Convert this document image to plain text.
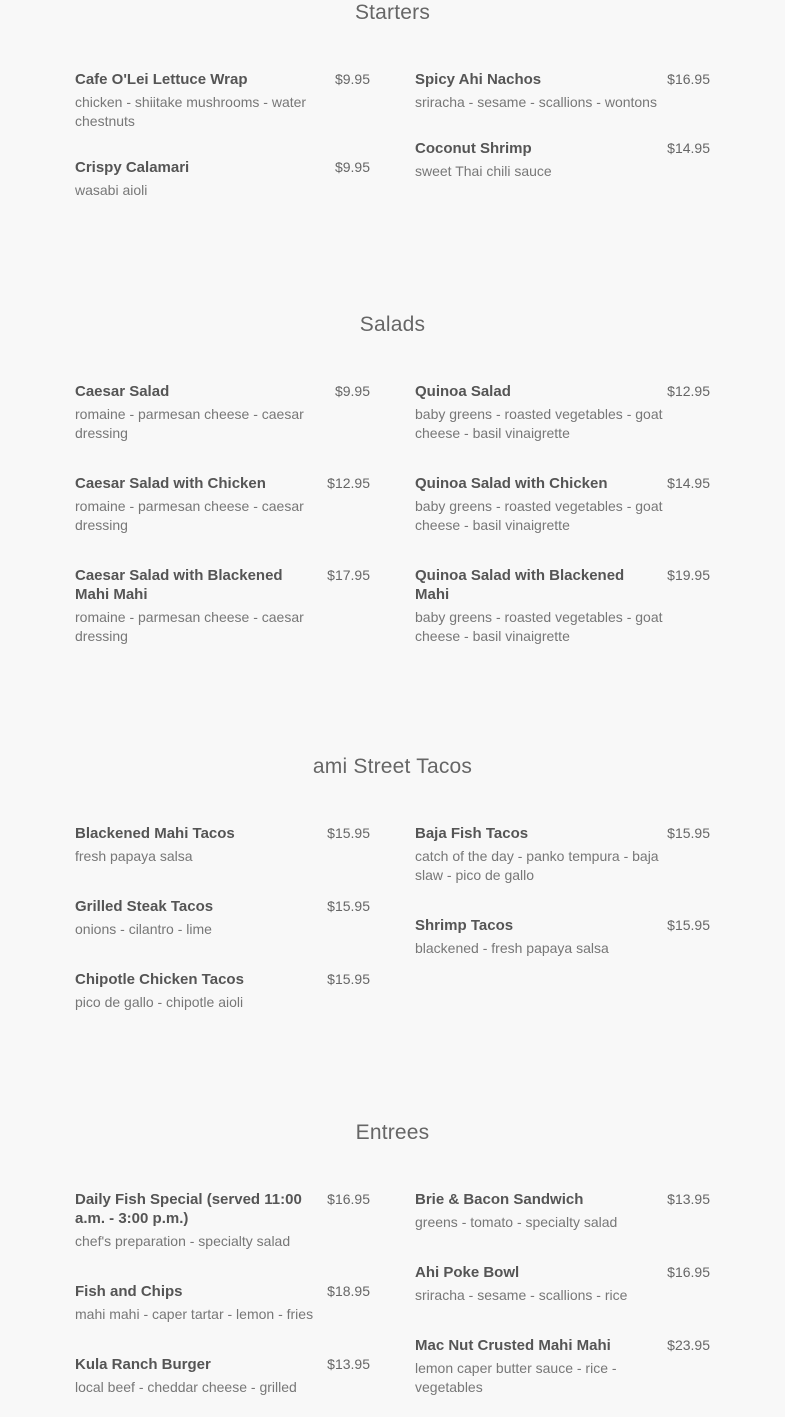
Starters
Cafe O'Lei Lettuce Wrap	$9.95
chicken - shiitake mushrooms - water chestnuts
Crispy Calamari	$9.95
wasabi aioli
Spicy Ahi Nachos	$16.95
sriracha - sesame - scallions - wontons
Coconut Shrimp	$14.95
sweet Thai chili sauce
Salads
Caesar Salad	$9.95
romaine - parmesan cheese - caesar dressing
Caesar Salad with Chicken	$12.95
romaine - parmesan cheese - caesar dressing
Caesar Salad with Blackened Mahi Mahi
$17.95
romaine - parmesan cheese - caesar dressing
Quinoa Salad	$12.95
baby greens - roasted vegetables - goat cheese - basil vinaigrette
Quinoa Salad with Chicken	$14.95
baby greens - roasted vegetables - goat cheese - basil vinaigrette
Quinoa Salad with Blackened Mahi
$19.95
baby greens - roasted vegetables - goat cheese - basil vinaigrette
ami Street Tacos
Blackened Mahi Tacos	$15.95
fresh papaya salsa
Grilled Steak Tacos	$15.95
onions - cilantro - lime
Chipotle Chicken Tacos	$15.95
pico de gallo - chipotle aioli
Baja Fish Tacos	$15.95
catch of the day - panko tempura - baja slaw - pico de gallo
Shrimp Tacos	$15.95
blackened - fresh papaya salsa
Entrees
Daily Fish Special (served 11:00 a.m. - 3:00 p.m.)
$16.95
chef's preparation - specialty salad
Fish and Chips	$18.95
mahi mahi - caper tartar - lemon - fries
Kula Ranch Burger	$13.95
local beef - cheddar cheese - grilled
Brie & Bacon Sandwich	$13.95
greens - tomato - specialty salad
Ahi Poke Bowl	$16.95
sriracha - sesame - scallions - rice
Mac Nut Crusted Mahi Mahi	$23.95
lemon caper butter sauce - rice - vegetables
